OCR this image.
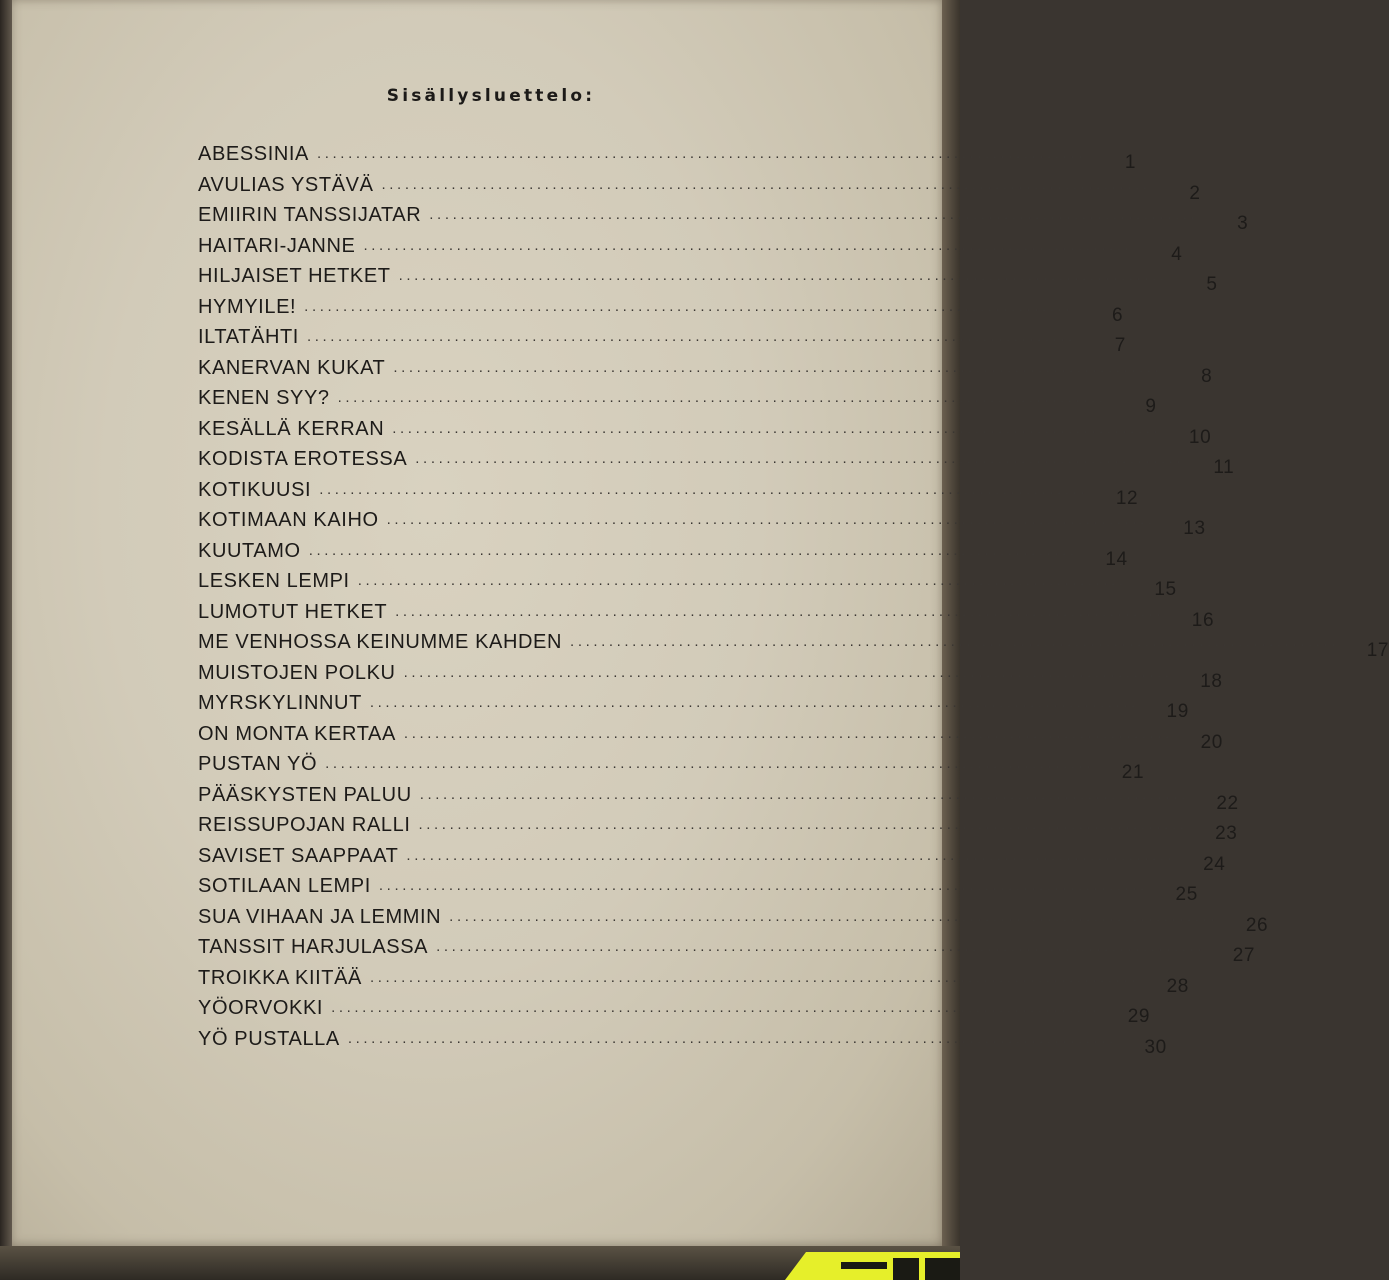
Sisällysluettelo:
ABESSINIA ...................................................................................................	1
AVULIAS YSTÄVÄ ...................................................................................................	2
EMIIRIN TANSSIJATAR ...................................................................................................	3
HAITARI-JANNE ...................................................................................................	4
HILJAISET HETKET ...................................................................................................	5
HYMYILE! ...................................................................................................	6
ILTATÄHTI ...................................................................................................	7
KANERVAN KUKAT ...................................................................................................	8
KENEN SYY? ...................................................................................................	9
KESÄLLÄ KERRAN ...................................................................................................	10
KODISTA EROTESSA ...................................................................................................	11
KOTIKUUSI ...................................................................................................	12
KOTIMAAN KAIHO ...................................................................................................	13
KUUTAMO ...................................................................................................	14
LESKEN LEMPI ...................................................................................................	15
LUMOTUT HETKET ...................................................................................................	16
ME VENHOSSA KEINUMME KAHDEN ...................................................................................................	17
MUISTOJEN POLKU ...................................................................................................	18
MYRSKYLINNUT ...................................................................................................	19
ON MONTA KERTAA ...................................................................................................	20
PUSTAN YÖ ...................................................................................................	21
PÄÄSKYSTEN PALUU ...................................................................................................	22
REISSUPOJAN RALLI ...................................................................................................	23
SAVISET SAAPPAAT ...................................................................................................	24
SOTILAAN LEMPI ...................................................................................................	25
SUA VIHAAN JA LEMMIN ...................................................................................................	26
TANSSIT HARJULASSA ...................................................................................................	27
TROIKKA KIITÄÄ ...................................................................................................	28
YÖORVOKKI ...................................................................................................	29
YÖ PUSTALLA ...................................................................................................	30
